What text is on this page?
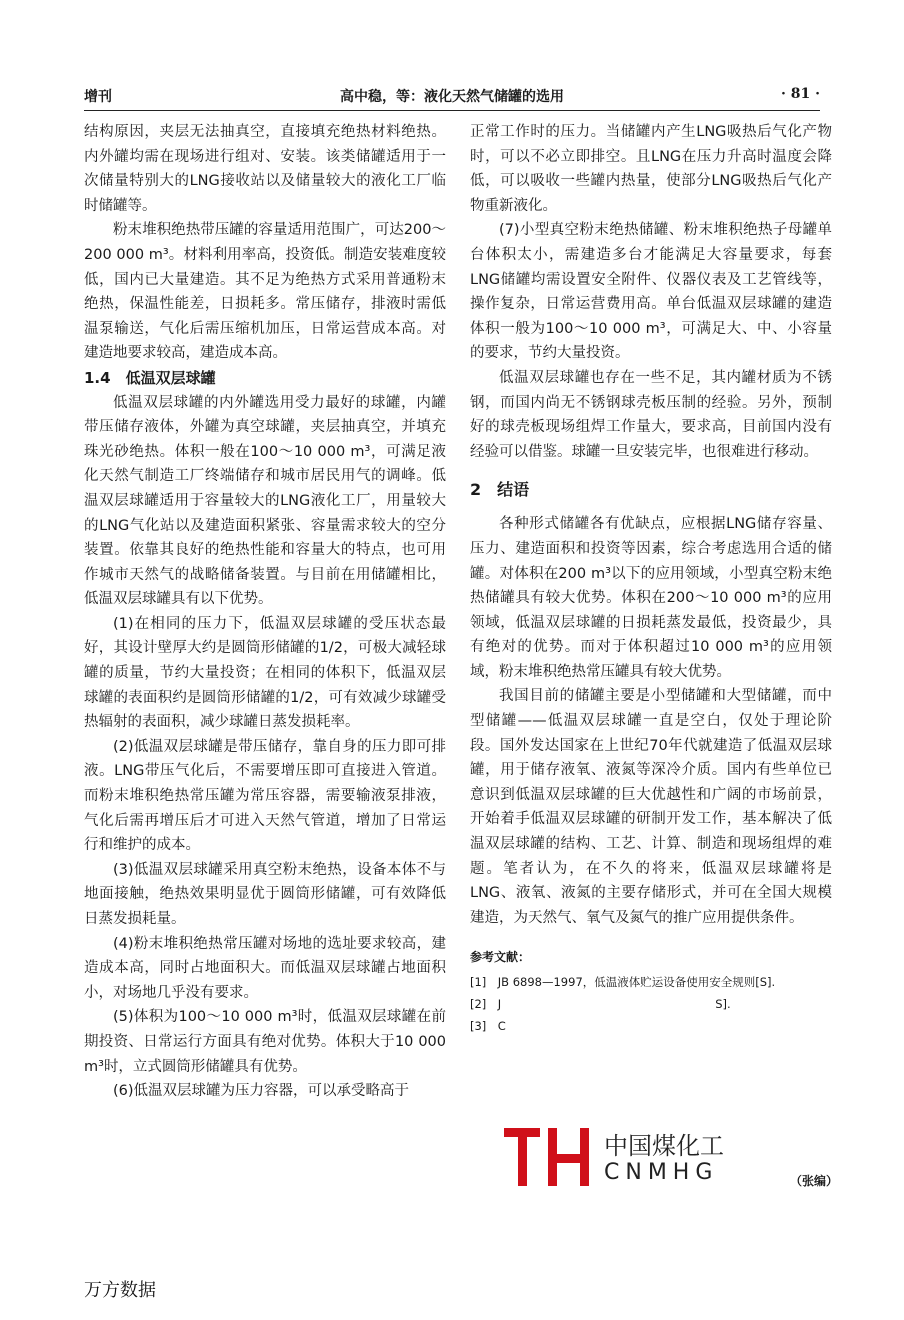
增刊	高中稳，等：液化天然气储罐的选用	· 81 ·

结构原因，夹层无法抽真空，直接填充绝热材料绝热。内外罐均需在现场进行组对、安装。该类储罐适用于一次储量特别大的LNG接收站以及储量较大的液化工厂临时储罐等。

粉末堆积绝热带压罐的容量适用范围广，可达200～200 000 m³。材料利用率高，投资低。制造安装难度较低，国内已大量建造。其不足为绝热方式采用普通粉末绝热，保温性能差，日损耗多。常压储存，排液时需低温泵输送，气化后需压缩机加压，日常运营成本高。对建造地要求较高，建造成本高。

1.4　低温双层球罐

低温双层球罐的内外罐选用受力最好的球罐，内罐带压储存液体，外罐为真空球罐，夹层抽真空，并填充珠光砂绝热。体积一般在100～10 000 m³，可满足液化天然气制造工厂终端储存和城市居民用气的调峰。低温双层球罐适用于容量较大的LNG液化工厂，用量较大的LNG气化站以及建造面积紧张、容量需求较大的空分装置。依靠其良好的绝热性能和容量大的特点，也可用作城市天然气的战略储备装置。与目前在用储罐相比，低温双层球罐具有以下优势。

(1)在相同的压力下，低温双层球罐的受压状态最好，其设计壁厚大约是圆筒形储罐的1/2，可极大减轻球罐的质量，节约大量投资；在相同的体积下，低温双层球罐的表面积约是圆筒形储罐的1/2，可有效减少球罐受热辐射的表面积，减少球罐日蒸发损耗率。

(2)低温双层球罐是带压储存，靠自身的压力即可排液。LNG带压气化后，不需要增压即可直接进入管道。而粉末堆积绝热常压罐为常压容器，需要输液泵排液，气化后需再增压后才可进入天然气管道，增加了日常运行和维护的成本。

(3)低温双层球罐采用真空粉末绝热，设备本体不与地面接触，绝热效果明显优于圆筒形储罐，可有效降低日蒸发损耗量。

(4)粉末堆积绝热常压罐对场地的选址要求较高，建造成本高，同时占地面积大。而低温双层球罐占地面积小，对场地几乎没有要求。

(5)体积为100～10 000 m³时，低温双层球罐在前期投资、日常运行方面具有绝对优势。体积大于10 000 m³时，立式圆筒形储罐具有优势。

(6)低温双层球罐为压力容器，可以承受略高于

正常工作时的压力。当储罐内产生LNG吸热后气化产物时，可以不必立即排空。且LNG在压力升高时温度会降低，可以吸收一些罐内热量，使部分LNG吸热后气化产物重新液化。

(7)小型真空粉末绝热储罐、粉末堆积绝热子母罐单台体积太小，需建造多台才能满足大容量要求，每套LNG储罐均需设置安全附件、仪器仪表及工艺管线等，操作复杂，日常运营费用高。单台低温双层球罐的建造体积一般为100～10 000 m³，可满足大、中、小容量的要求，节约大量投资。

低温双层球罐也存在一些不足，其内罐材质为不锈钢，而国内尚无不锈钢球壳板压制的经验。另外，预制好的球壳板现场组焊工作量大，要求高，目前国内没有经验可以借鉴。球罐一旦安装完毕，也很难进行移动。

2　结语

各种形式储罐各有优缺点，应根据LNG储存容量、压力、建造面积和投资等因素，综合考虑选用合适的储罐。对体积在200 m³以下的应用领域，小型真空粉末绝热储罐具有较大优势。体积在200～10 000 m³的应用领域，低温双层球罐的日损耗蒸发最低，投资最少，具有绝对的优势。而对于体积超过10 000 m³的应用领域，粉末堆积绝热常压罐具有较大优势。

我国目前的储罐主要是小型储罐和大型储罐，而中型储罐——低温双层球罐一直是空白，仅处于理论阶段。国外发达国家在上世纪70年代就建造了低温双层球罐，用于储存液氧、液氮等深冷介质。国内有些单位已意识到低温双层球罐的巨大优越性和广阔的市场前景，开始着手低温双层球罐的研制开发工作，基本解决了低温双层球罐的结构、工艺、计算、制造和现场组焊的难题。笔者认为，在不久的将来，低温双层球罐将是LNG、液氧、液氮的主要存储形式，并可在全国大规模建造，为天然气、氧气及氮气的推广应用提供条件。

参考文献：
[1]　JB 6898—1997，低温液体贮运设备使用安全规则[S].
[2]　J	S].
[3]　C
中国煤化工
CNMHG	（张编）
万方数据
